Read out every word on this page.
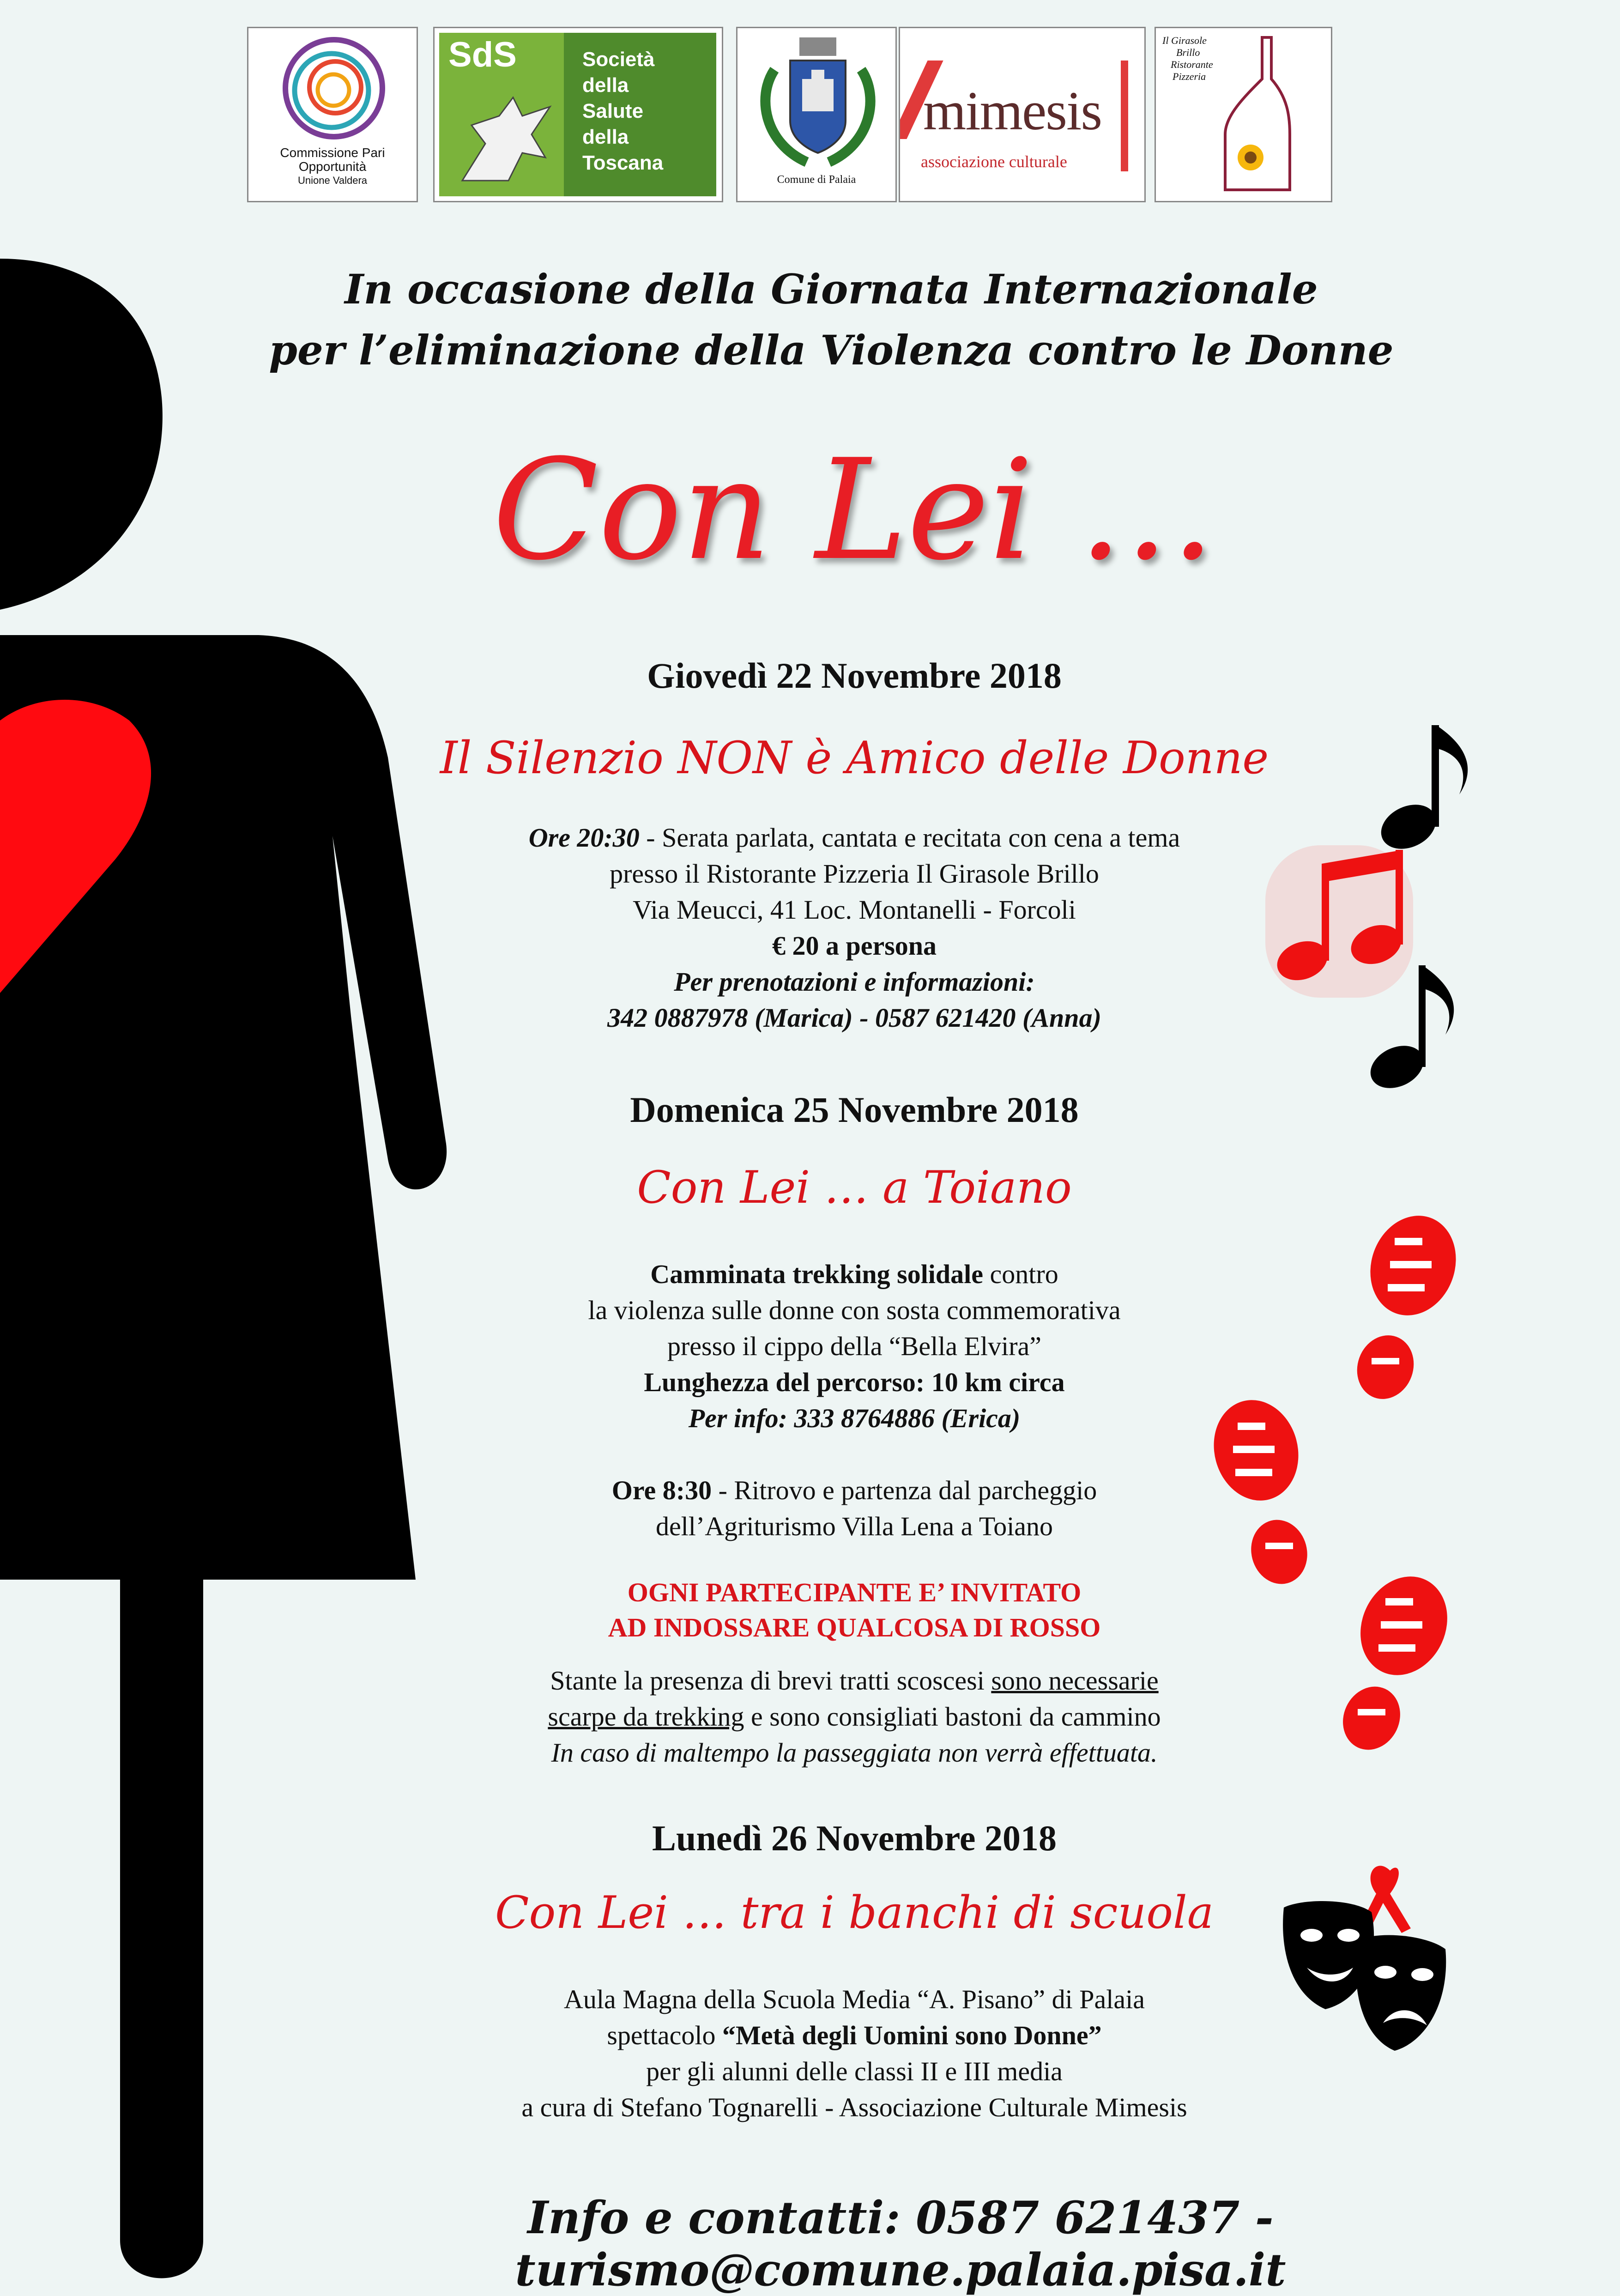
Commissione Pari
Opportunità
Unione Valdera
SdS	Società
della
Salute
della
Toscana
Comune di Palaia
mimesis
associazione culturale
Il Girasole
Brillo
Ristorante
Pizzeria
In occasione della Giornata Internazionale
per l’eliminazione della Violenza contro le Donne
Con Lei …
Giovedì 22 Novembre 2018
Il Silenzio NON è Amico delle Donne
Ore 20:30 - Serata parlata, cantata e recitata con cena a tema
presso il Ristorante Pizzeria Il Girasole Brillo
Via Meucci, 41 Loc. Montanelli - Forcoli
€ 20 a persona
Per prenotazioni e informazioni:
342 0887978 (Marica) - 0587 621420 (Anna)
Domenica 25 Novembre 2018
Con Lei … a Toiano
Camminata trekking solidale contro
la violenza sulle donne con sosta commemorativa
presso il cippo della “Bella Elvira”
Lunghezza del percorso: 10 km circa
Per info: 333 8764886 (Erica)
Ore 8:30 - Ritrovo e partenza dal parcheggio
dell’Agriturismo Villa Lena a Toiano
OGNI PARTECIPANTE E’ INVITATO
AD INDOSSARE QUALCOSA DI ROSSO
Stante la presenza di brevi tratti scoscesi sono necessarie
scarpe da trekking e sono consigliati bastoni da cammino
In caso di maltempo la passeggiata non verrà effettuata.
Lunedì 26 Novembre 2018
Con Lei … tra i banchi di scuola
Aula Magna della Scuola Media “A. Pisano” di Palaia
spettacolo “Metà degli Uomini sono Donne”
per gli alunni delle classi II e III media
a cura di Stefano Tognarelli - Associazione Culturale Mimesis
Info e contatti: 0587 621437 - turismo@comune.palaia.pisa.it
